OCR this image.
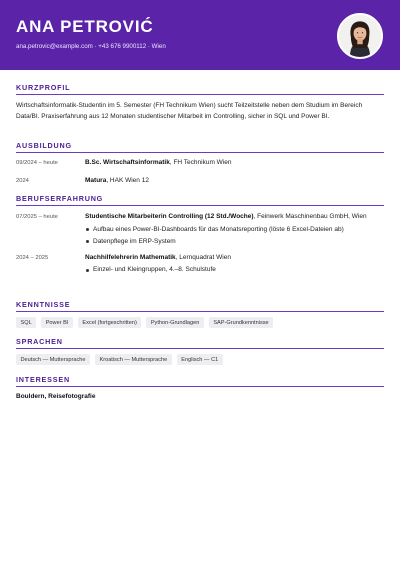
ANA PETROVIĆ
ana.petrovic@example.com · +43 676 9900112 · Wien
KURZPROFIL
Wirtschaftsinformatik-Studentin im 5. Semester (FH Technikum Wien) sucht Teilzeitstelle neben dem Studium im Bereich Data/BI. Praxiserfahrung aus 12 Monaten studentischer Mitarbeit im Controlling, sicher in SQL und Power BI.
AUSBILDUNG
09/2024 – heute	B.Sc. Wirtschaftsinformatik, FH Technikum Wien
2024	Matura, HAK Wien 12
BERUFSERFAHRUNG
07/2025 – heute	Studentische Mitarbeiterin Controlling (12 Std./Woche), Feinwerk Maschinenbau GmbH, Wien
Aufbau eines Power-BI-Dashboards für das Monatsreporting (löste 6 Excel-Dateien ab)
Datenpflege im ERP-System
2024 – 2025	Nachhilfelehrerin Mathematik, Lernquadrat Wien
Einzel- und Kleingruppen, 4.–8. Schulstufe
KENNTNISSE
SQL	Power BI	Excel (fortgeschritten)	Python-Grundlagen	SAP-Grundkenntnisse
SPRACHEN
Deutsch — Muttersprache	Kroatisch — Muttersprache	Englisch — C1
INTERESSEN
Bouldern, Reisefotografie
